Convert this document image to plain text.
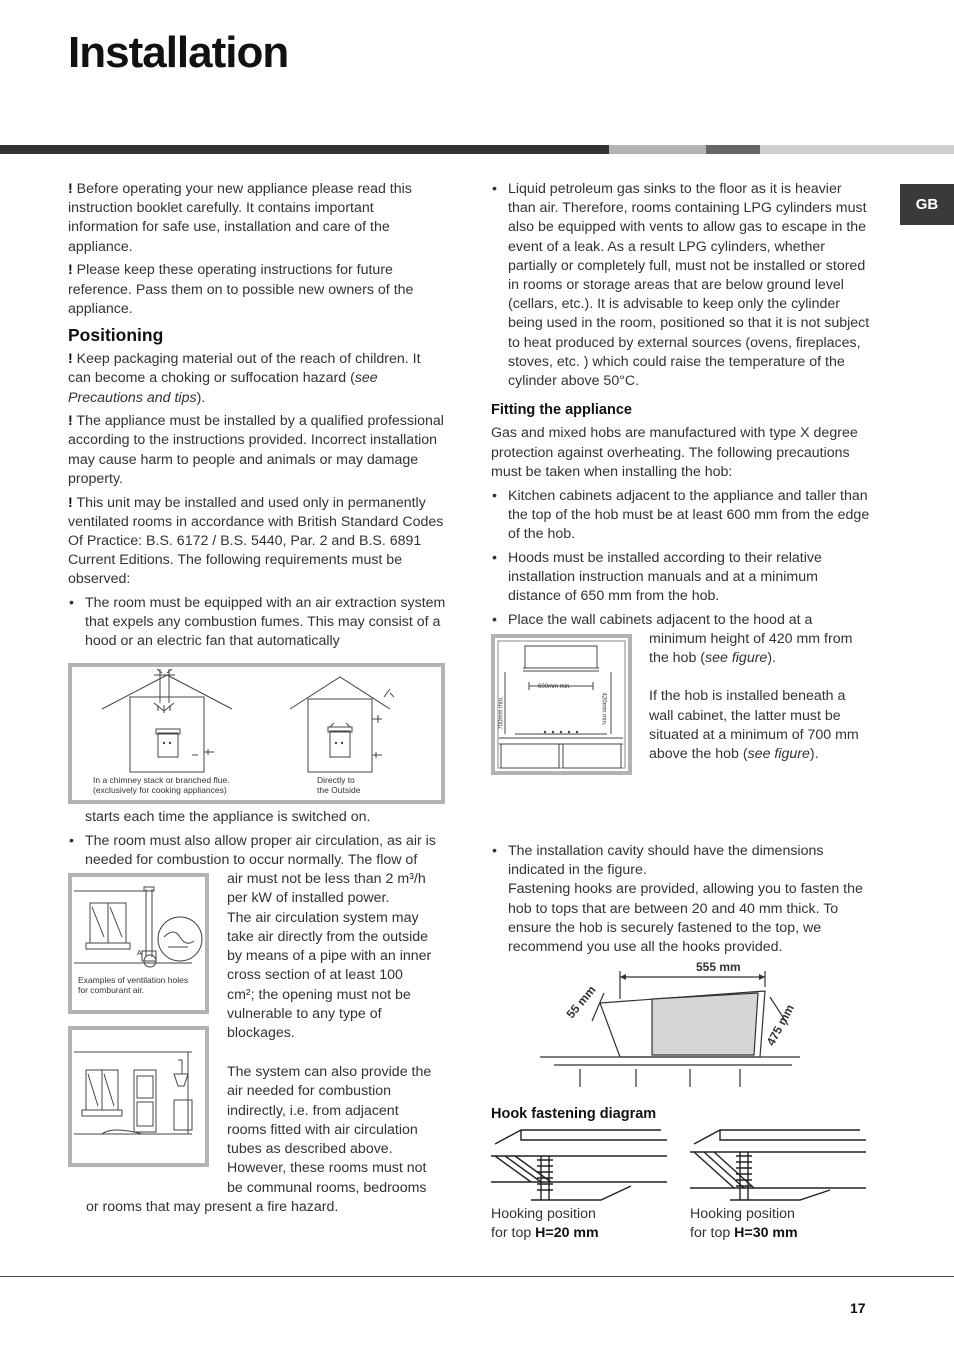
Installation
GB

! Before operating your new appliance please read this instruction booklet carefully. It contains important information for safe use, installation and care of the appliance.

! Please keep these operating instructions for future reference. Pass them on to possible new owners of the appliance.

Positioning

! Keep packaging material out of the reach of children. It can become a choking or suffocation hazard (see Precautions and tips).

! The appliance must be installed by a qualified professional according to the instructions provided. Incorrect installation may cause harm to people and animals or may damage property.

! This unit may be installed and used only in permanently ventilated rooms in accordance with British Standard Codes Of Practice: B.S. 6172 / B.S. 5440, Par. 2 and B.S. 6891 Current Editions. The following requirements must be observed:

• The room must be equipped with an air extraction system that expels any combustion fumes. This may consist of a hood or an electric fan that automatically
In a chimney stack or branched flue.
(exclusively for cooking appliances)
Directly to
the Outside
starts each time the appliance is switched on.
• The room must also allow proper air circulation, as air is needed for combustion to occur normally. The flow of
A
Examples of ventilation holes
for comburant air.
air must not be less than 2 m³/h
per kW of installed power.
The air circulation system may
take air directly from the outside
by means of a pipe with an inner
cross section of at least 100
cm²; the opening must not be
vulnerable to any type of
blockages.
The system can also provide the
air needed for combustion
indirectly, i.e. from adjacent
rooms fitted with air circulation
tubes as described above.
However, these rooms must not
be communal rooms, bedrooms
or rooms that may present a fire hazard.
• Liquid petroleum gas sinks to the floor as it is heavier than air. Therefore, rooms containing LPG cylinders must also be equipped with vents to allow gas to escape in the event of a leak. As a result LPG cylinders, whether partially or completely full, must not be installed or stored in rooms or storage areas that are below ground level (cellars, etc.). It is advisable to keep only the cylinder being used in the room, positioned so that it is not subject to heat produced by external sources (ovens, fireplaces, stoves, etc. ) which could raise the temperature of the cylinder above 50°C.
Fitting the appliance

Gas and mixed hobs are manufactured with type X degree protection against overheating. The following precautions must be taken when installing the hob:

• Kitchen cabinets adjacent to the appliance and taller than the top of the hob must be at least 600 mm from the edge of the hob.
• Hoods must be installed according to their relative installation instruction manuals and at a minimum distance of 650 mm from the hob.
• Place the wall cabinets adjacent to the hood at a
600mm min.
700mm min.	420mm min.
minimum height of 420 mm from
the hob (see figure).
If the hob is installed beneath a
wall cabinet, the latter must be
situated at a minimum of 700 mm
above the hob (see figure).
• The installation cavity should have the dimensions indicated in the figure.
Fastening hooks are provided, allowing you to fasten the hob to tops that are between 20 and 40 mm thick. To ensure the hob is securely fastened to the top, we recommend you use all the hooks provided.
555 mm
55 mm	475 mm
Hook fastening diagram
Hooking position
for top H=20 mm
Hooking position
for top H=30 mm
17
